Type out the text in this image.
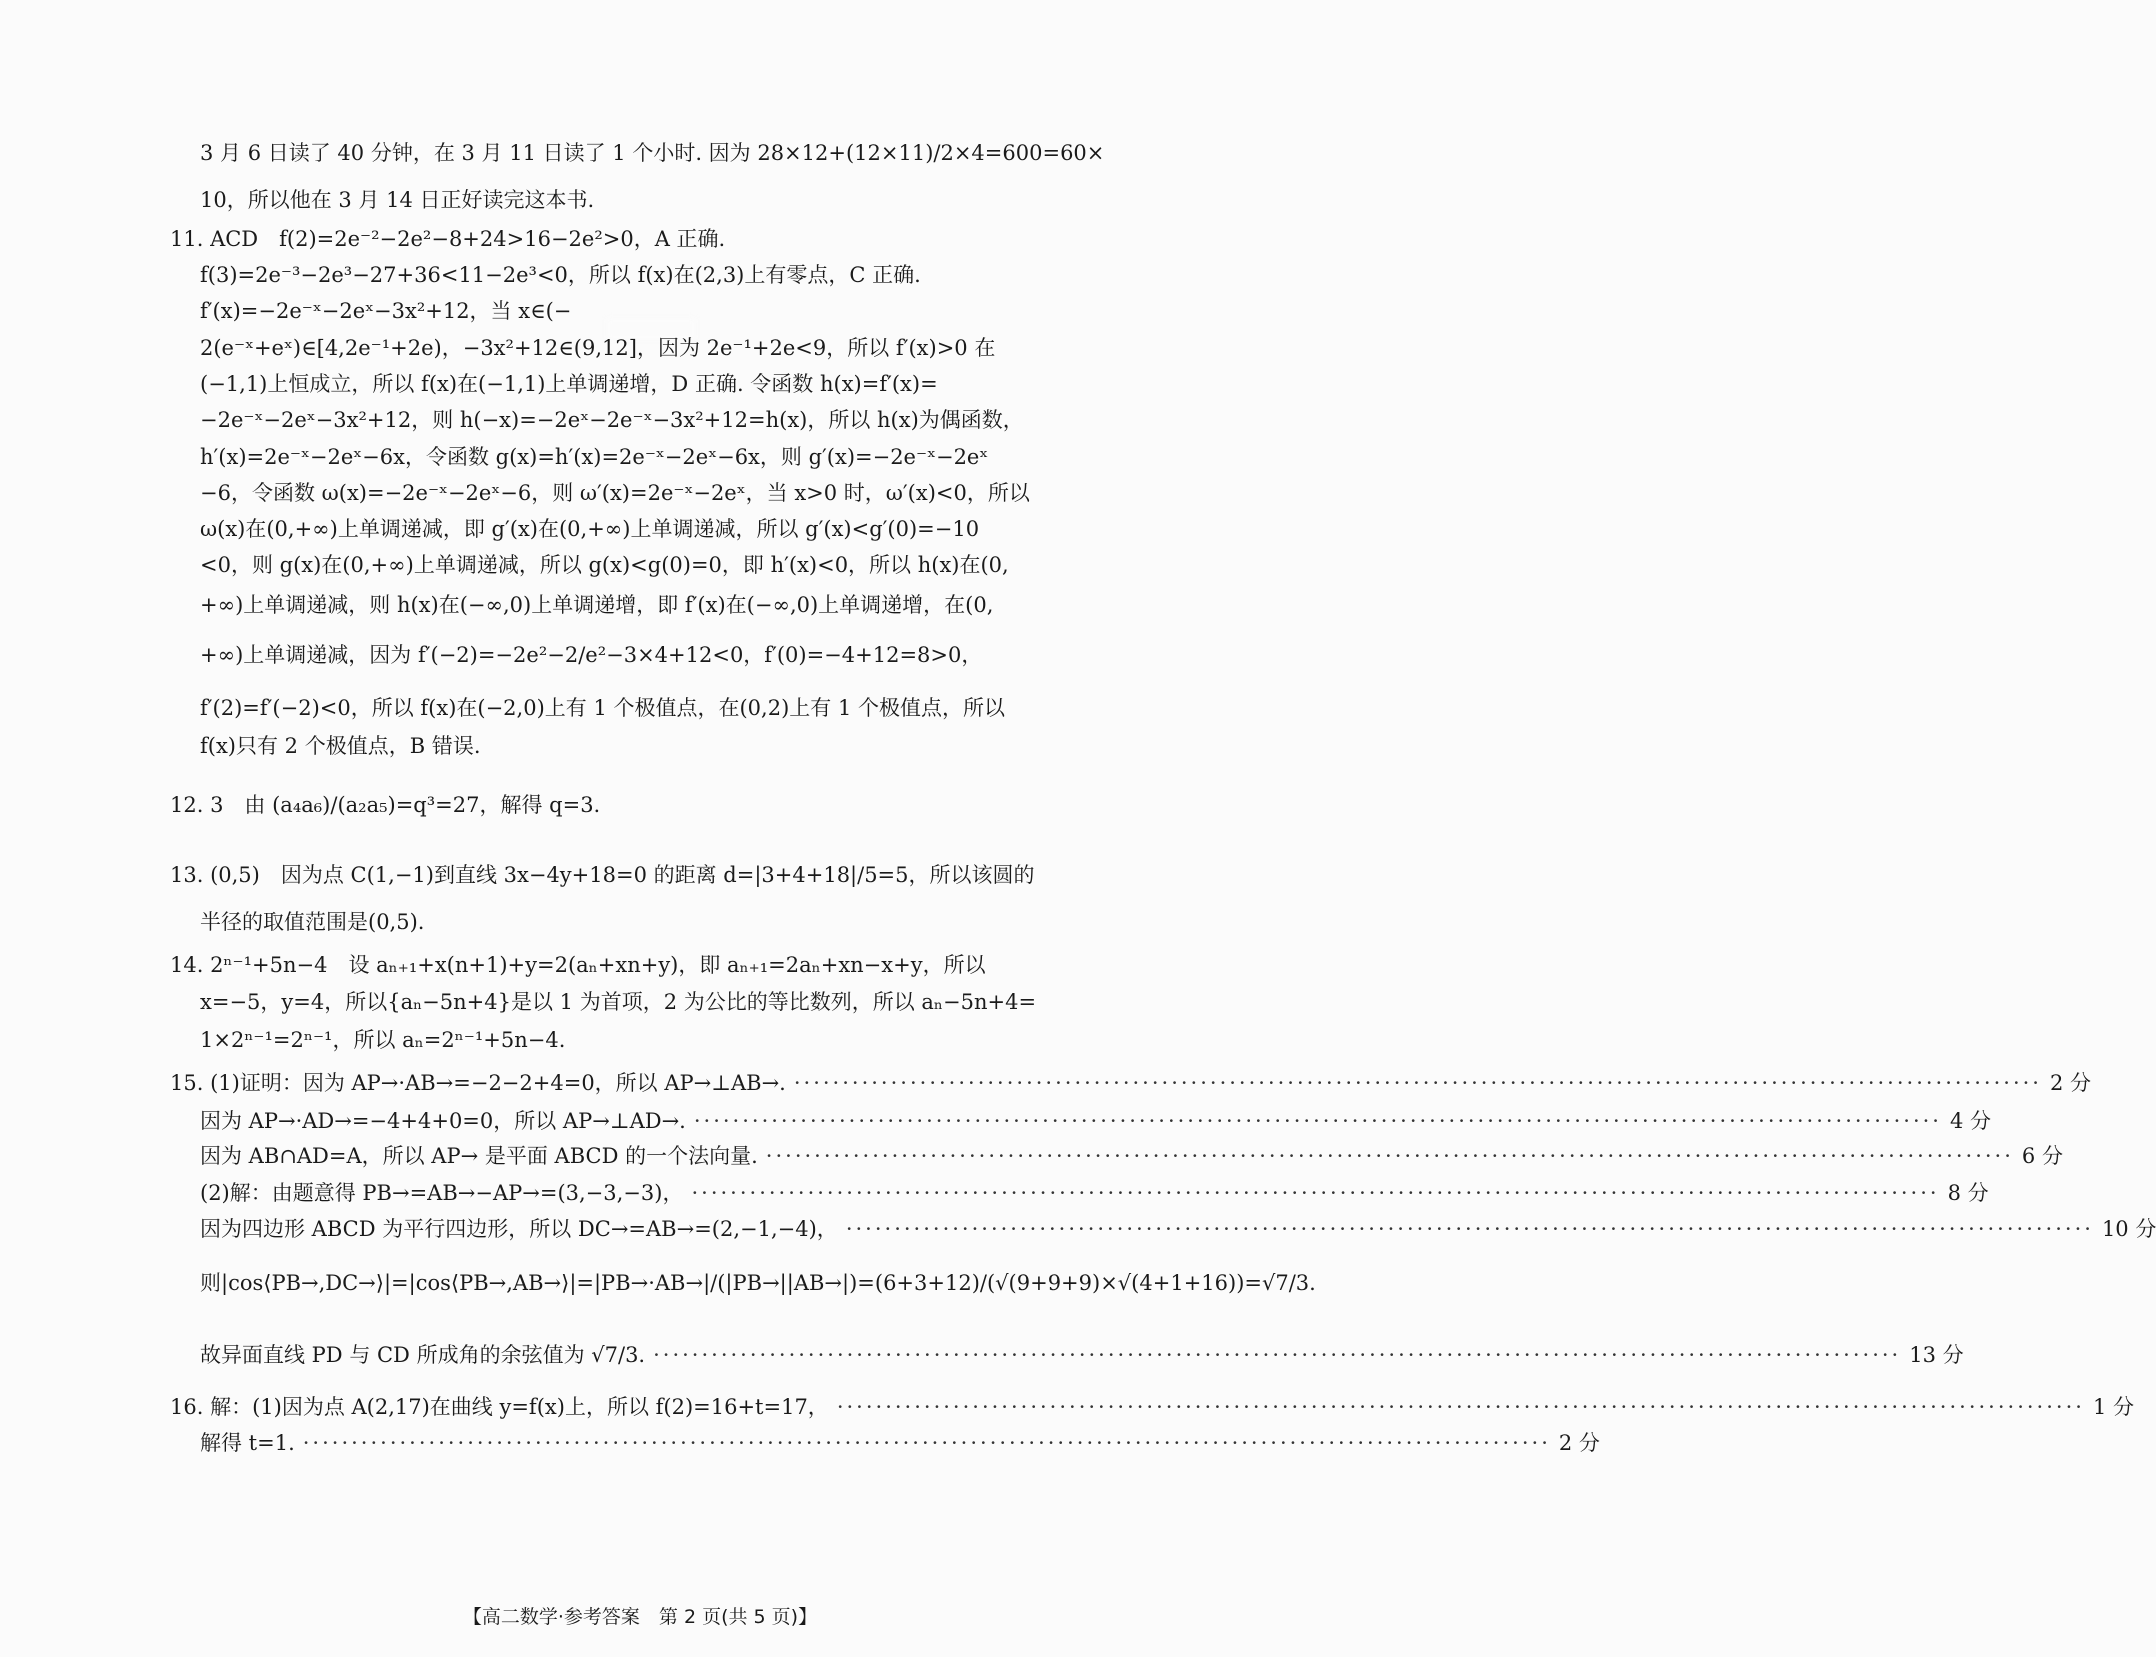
3 月 6 日读了 40 分钟，在 3 月 11 日读了 1 个小时. 因为 28×12+(12×11)/2×4=600=60×
10，所以他在 3 月 14 日正好读完这本书.
11. ACD　f(2)=2e⁻²−2e²−8+24>16−2e²>0，A 正确.
f(3)=2e⁻³−2e³−27+36<11−2e³<0，所以 f(x)在(2,3)上有零点，C 正确.
f′(x)=−2e⁻ˣ−2eˣ−3x²+12，当 x∈(−
2(e⁻ˣ+eˣ)∈[4,2e⁻¹+2e)，−3x²+12∈(9,12]，因为 2e⁻¹+2e<9，所以 f′(x)>0 在
(−1,1)上恒成立，所以 f(x)在(−1,1)上单调递增，D 正确. 令函数 h(x)=f′(x)=
−2e⁻ˣ−2eˣ−3x²+12，则 h(−x)=−2eˣ−2e⁻ˣ−3x²+12=h(x)，所以 h(x)为偶函数，
h′(x)=2e⁻ˣ−2eˣ−6x，令函数 g(x)=h′(x)=2e⁻ˣ−2eˣ−6x，则 g′(x)=−2e⁻ˣ−2eˣ
−6，令函数 ω(x)=−2e⁻ˣ−2eˣ−6，则 ω′(x)=2e⁻ˣ−2eˣ，当 x>0 时，ω′(x)<0，所以
ω(x)在(0,+∞)上单调递减，即 g′(x)在(0,+∞)上单调递减，所以 g′(x)<g′(0)=−10
<0，则 g(x)在(0,+∞)上单调递减，所以 g(x)<g(0)=0，即 h′(x)<0，所以 h(x)在(0,
+∞)上单调递减，则 h(x)在(−∞,0)上单调递增，即 f′(x)在(−∞,0)上单调递增，在(0,
+∞)上单调递减，因为 f′(−2)=−2e²−2/e²−3×4+12<0，f′(0)=−4+12=8>0，
f′(2)=f′(−2)<0，所以 f(x)在(−2,0)上有 1 个极值点，在(0,2)上有 1 个极值点，所以
f(x)只有 2 个极值点，B 错误.
12. 3　由 (a₄a₆)/(a₂a₅)=q³=27，解得 q=3.
13. (0,5)　因为点 C(1,−1)到直线 3x−4y+18=0 的距离 d=|3+4+18|/5=5，所以该圆的
半径的取值范围是(0,5).
14. 2ⁿ⁻¹+5n−4　设 aₙ₊₁+x(n+1)+y=2(aₙ+xn+y)，即 aₙ₊₁=2aₙ+xn−x+y，所以
x=−5，y=4，所以{aₙ−5n+4}是以 1 为首项，2 为公比的等比数列，所以 aₙ−5n+4=
1×2ⁿ⁻¹=2ⁿ⁻¹，所以 aₙ=2ⁿ⁻¹+5n−4.
15. (1)证明：因为 AP→·AB→=−2−2+4=0，所以 AP→⊥AB→. ·····	2 分
因为 AP→·AD→=−4+4+0=0，所以 AP→⊥AD→. ·····	4 分
因为 AB∩AD=A，所以 AP→ 是平面 ABCD 的一个法向量. ·····	6 分
(2)解：由题意得 PB→=AB→−AP→=(3,−3,−3)， ·····	8 分
因为四边形 ABCD 为平行四边形，所以 DC→=AB→=(2,−1,−4)， ·····	10 分
则|cos⟨PB→,DC→⟩|=|cos⟨PB→,AB→⟩|=|PB→·AB→|/(|PB→||AB→|)=(6+3+12)/(√(9+9+9)×√(4+1+16))=√7/3.
故异面直线 PD 与 CD 所成角的余弦值为 √7/3. ·····	13 分
16. 解：(1)因为点 A(2,17)在曲线 y=f(x)上，所以 f(2)=16+t=17， ·····	1 分
解得 t=1. ·····	2 分
【高二数学·参考答案　第 2 页(共 5 页)】
